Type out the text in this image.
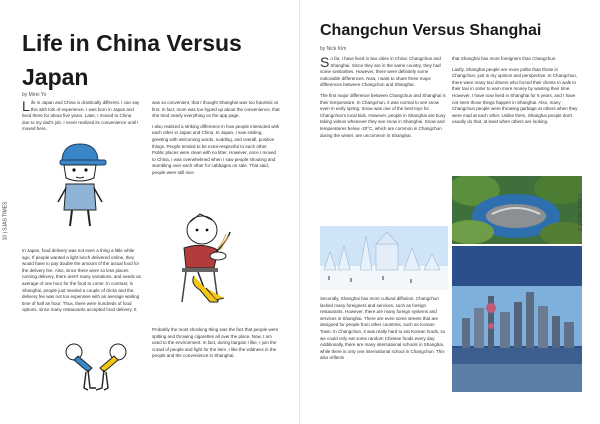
Life in China Versus Japan
by Mirei Yo
Life in Japan and China is drastically different. I can say this with lots of experience. I was born in Japan and lived there for about five years. Later, I moved to China due to my dad's job. I never realized its convenience until I moved here,

was so convenient, that I thought Shanghai was too futuristic at first. In fact, mom was too hyped up about the convenience, that she tried nearly everything on the app page.

I also realized a striking difference in how people interacted with each other in Japan and China. In Japan, I saw smiling, greeting with welcoming words, nodding, and overall, positive things. People tended to be extra-respectful to each other. Public places were clean with no litter. However, once I moved to China, I was overwhelmed when I saw people shouting and stumbling over each other for cabbages on sale. That said, people were still nice.

In Japan, food delivery was not even a thing a little while ago. If people wanted a light lunch delivered online, they would have to pay double the amount of the actual food for the delivery fee. Also, since there were so less places running delivery, there aren't many variations, and needs an average of one hour for the food to come. In contrast, in Shanghai, people just needed a couple of clicks and the delivery fee was not too expensive with an average waiting time of half an hour. Thus, there were hundreds of food options, since many restaurants accepted food delivery. It
Probably the most shocking thing was the fact that people were spitting and throwing cigarettes all over the place. Now, I am used to the environment. In fact, during bargain I like, I join the crowd of people and fight for the item. I like the wildness in the people and the convenience in Shanghai.
10 | SJAS TIMES
Changchun Versus Shanghai
by Nick Kim

So far, I have lived in two cities in China: Changchun and Shanghai. Since they are in the same country, they had some similarities. However, there were definitely some noticeable differences. Now, I want to share three major differences between Changchun and Shanghai.

The first major difference between Changchun and Shanghai is their temperature. In Changchun, it was normal to see snow even in early spring. Snow was one of the best toys for Changchun's local kids. However, people in Shanghai are busy taking videos whenever they see snow in Shanghai. Snow and temperatures below -20°C, which are common in Changchun during the winter, are uncommon in Shanghai.

that Shanghai has more foreigners than Changchun.

Lastly, Shanghai people are more polite than those in Changchun, just in my opinion and perspective. In Changchun, there were many taxi drivers who forced their clients to walk to their taxi in order to earn more money by wasting their time. However, I have now lived in Shanghai for 6 years, and I have not seen those things happen in Shanghai. Also, many Changchun people were throwing garbage at others when they were mad at each other. Unlike them, Shanghai people don't usually do that, at least when others are looking.

Secondly, Shanghai has more cultural diffusion. Changchun lacked many foreigners and services, such as foreign restaurants. However, there are many foreign systems and services in Shanghai. There are even some streets that are designed for people from other countries, such as Korean Town. In Changchun, it was really hard to eat Korean foods, so we could only eat some random Chinese foods every day. Additionally, there are many international schools in Shanghai, while there is only one international school in Changchun. This also reflects
11 | SJAS TIMES
